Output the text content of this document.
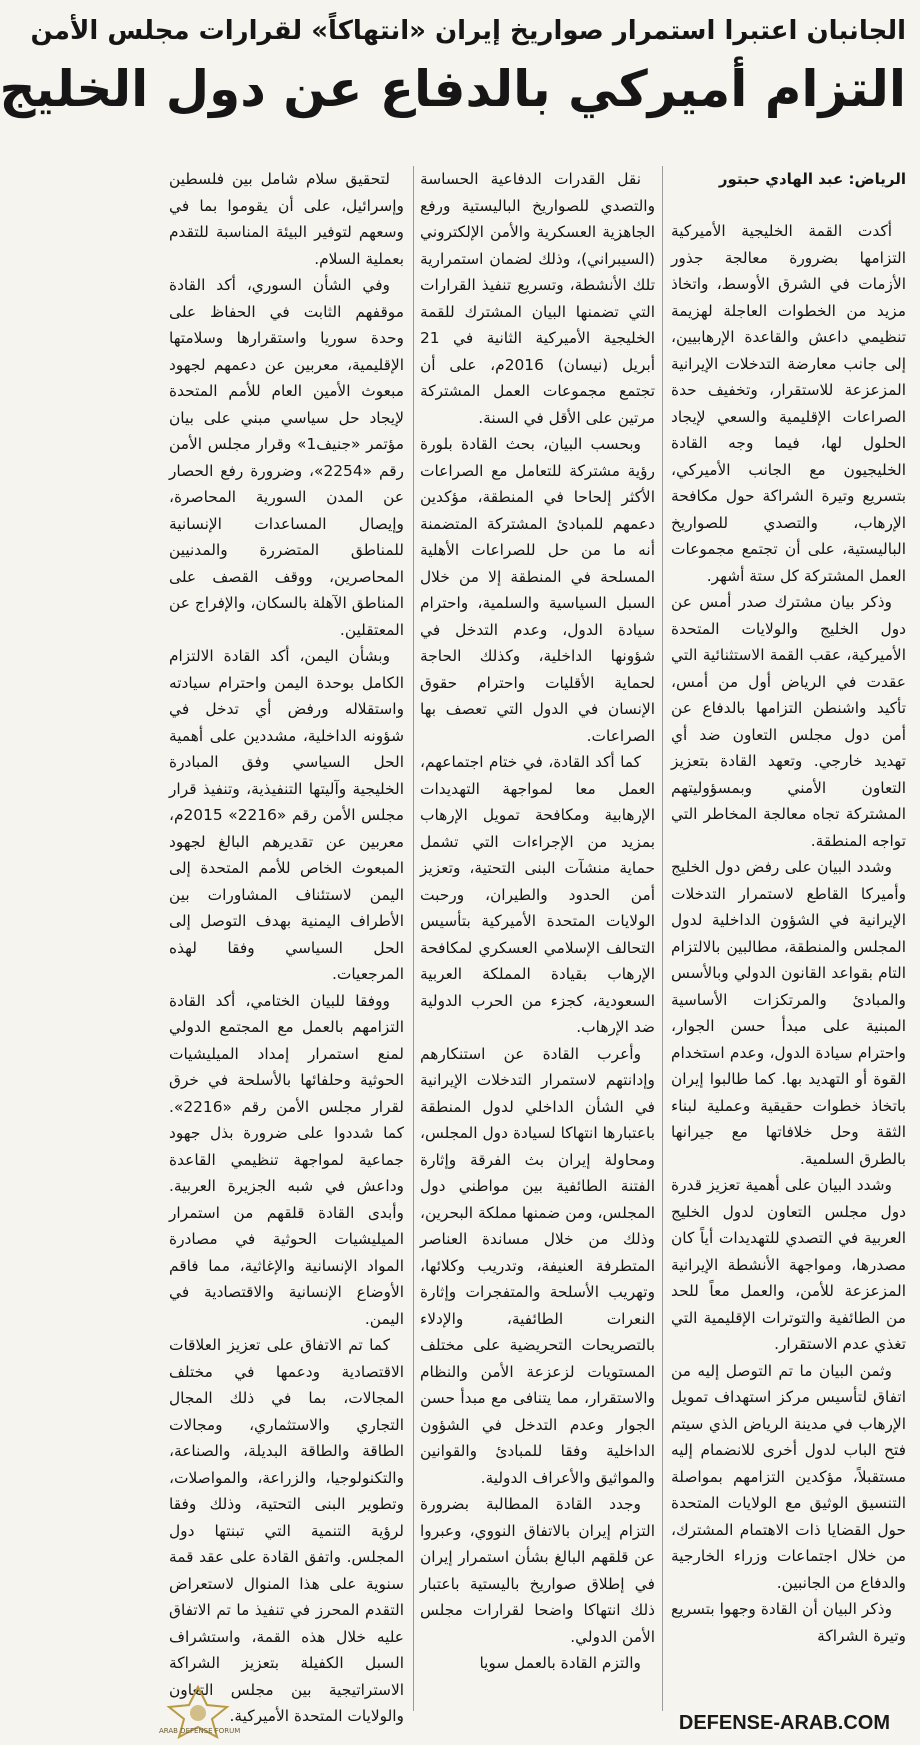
الجانبان اعتبرا استمرار صواريخ إيران «انتهاكاً» لقرارات مجلس الأمن
التزام أميركي بالدفاع عن دول الخليج

الرياض: عبد الهادي حبتور

أكدت القمة الخليجية الأميركية التزامها بضرورة معالجة جذور الأزمات في الشرق الأوسط، واتخاذ مزيد من الخطوات العاجلة لهزيمة تنظيمي داعش والقاعدة الإرهابيين، إلى جانب معارضة التدخلات الإيرانية المزعزعة للاستقرار، وتخفيف حدة الصراعات الإقليمية والسعي لإيجاد الحلول لها، فيما وجه القادة الخليجيون مع الجانب الأميركي، بتسريع وتيرة الشراكة حول مكافحة الإرهاب، والتصدي للصواريخ الباليستية، على أن تجتمع مجموعات العمل المشتركة كل ستة أشهر.

وذكر بيان مشترك صدر أمس عن دول الخليج والولايات المتحدة الأميركية، عقب القمة الاستثنائية التي عقدت في الرياض أول من أمس، تأكيد واشنطن التزامها بالدفاع عن أمن دول مجلس التعاون ضد أي تهديد خارجي. وتعهد القادة بتعزيز التعاون الأمني وبمسؤوليتهم المشتركة تجاه معالجة المخاطر التي تواجه المنطقة.

وشدد البيان على رفض دول الخليج وأميركا القاطع لاستمرار التدخلات الإيرانية في الشؤون الداخلية لدول المجلس والمنطقة، مطالبين بالالتزام التام بقواعد القانون الدولي وبالأسس والمبادئ والمرتكزات الأساسية المبنية على مبدأ حسن الجوار، واحترام سيادة الدول، وعدم استخدام القوة أو التهديد بها. كما طالبوا إيران باتخاذ خطوات حقيقية وعملية لبناء الثقة وحل خلافاتها مع جيرانها بالطرق السلمية.

وشدد البيان على أهمية تعزيز قدرة دول مجلس التعاون لدول الخليج العربية في التصدي للتهديدات أياً كان مصدرها، ومواجهة الأنشطة الإيرانية المزعزعة للأمن، والعمل معاً للحد من الطائفية والتوترات الإقليمية التي تغذي عدم الاستقرار.

وثمن البيان ما تم التوصل إليه من اتفاق لتأسيس مركز استهداف تمويل الإرهاب في مدينة الرياض الذي سيتم فتح الباب لدول أخرى للانضمام إليه مستقبلاً، مؤكدين التزامهم بمواصلة التنسيق الوثيق مع الولايات المتحدة حول القضايا ذات الاهتمام المشترك، من خلال اجتماعات وزراء الخارجية والدفاع من الجانبين.

وذكر البيان أن القادة وجهوا بتسريع وتيرة الشراكة

نقل القدرات الدفاعية الحساسة والتصدي للصواريخ الباليستية ورفع الجاهزية العسكرية والأمن الإلكتروني (السيبراني)، وذلك لضمان استمرارية تلك الأنشطة، وتسريع تنفيذ القرارات التي تضمنها البيان المشترك للقمة الخليجية الأميركية الثانية في 21 أبريل (نيسان) 2016م، على أن تجتمع مجموعات العمل المشتركة مرتين على الأقل في السنة.

وبحسب البيان، بحث القادة بلورة رؤية مشتركة للتعامل مع الصراعات الأكثر إلحاحا في المنطقة، مؤكدين دعمهم للمبادئ المشتركة المتضمنة أنه ما من حل للصراعات الأهلية المسلحة في المنطقة إلا من خلال السبل السياسية والسلمية، واحترام سيادة الدول، وعدم التدخل في شؤونها الداخلية، وكذلك الحاجة لحماية الأقليات واحترام حقوق الإنسان في الدول التي تعصف بها الصراعات.

كما أكد القادة، في ختام اجتماعهم، العمل معا لمواجهة التهديدات الإرهابية ومكافحة تمويل الإرهاب بمزيد من الإجراءات التي تشمل حماية منشآت البنى التحتية، وتعزيز أمن الحدود والطيران، ورحبت الولايات المتحدة الأميركية بتأسيس التحالف الإسلامي العسكري لمكافحة الإرهاب بقيادة المملكة العربية السعودية، كجزء من الحرب الدولية ضد الإرهاب.

وأعرب القادة عن استنكارهم وإدانتهم لاستمرار التدخلات الإيرانية في الشأن الداخلي لدول المنطقة باعتبارها انتهاكا لسيادة دول المجلس، ومحاولة إيران بث الفرقة وإثارة الفتنة الطائفية بين مواطني دول المجلس، ومن ضمنها مملكة البحرين، وذلك من خلال مساندة العناصر المتطرفة العنيفة، وتدريب وكلائها، وتهريب الأسلحة والمتفجرات وإثارة النعرات الطائفية، والإدلاء بالتصريحات التحريضية على مختلف المستويات لزعزعة الأمن والنظام والاستقرار، مما يتنافى مع مبدأ حسن الجوار وعدم التدخل في الشؤون الداخلية وفقا للمبادئ والقوانين والمواثيق والأعراف الدولية.

وجدد القادة المطالبة بضرورة التزام إيران بالاتفاق النووي، وعبروا عن قلقهم البالغ بشأن استمرار إيران في إطلاق صواريخ باليستية باعتبار ذلك انتهاكا واضحا لقرارات مجلس الأمن الدولي.

والتزم القادة بالعمل سويا

لتحقيق سلام شامل بين فلسطين وإسرائيل، على أن يقوموا بما في وسعهم لتوفير البيئة المناسبة للتقدم بعملية السلام.

وفي الشأن السوري، أكد القادة موقفهم الثابت في الحفاظ على وحدة سوريا واستقرارها وسلامتها الإقليمية، معربين عن دعمهم لجهود مبعوث الأمين العام للأمم المتحدة لإيجاد حل سياسي مبني على بيان مؤتمر «جنيف1» وقرار مجلس الأمن رقم «2254»، وضرورة رفع الحصار عن المدن السورية المحاصرة، وإيصال المساعدات الإنسانية للمناطق المتضررة والمدنيين المحاصرين، ووقف القصف على المناطق الآهلة بالسكان، والإفراج عن المعتقلين.

وبشأن اليمن، أكد القادة الالتزام الكامل بوحدة اليمن واحترام سيادته واستقلاله ورفض أي تدخل في شؤونه الداخلية، مشددين على أهمية الحل السياسي وفق المبادرة الخليجية وآليتها التنفيذية، وتنفيذ قرار مجلس الأمن رقم «2216» 2015م، معربين عن تقديرهم البالغ لجهود المبعوث الخاص للأمم المتحدة إلى اليمن لاستئناف المشاورات بين الأطراف اليمنية بهدف التوصل إلى الحل السياسي وفقا لهذه المرجعيات.

ووفقا للبيان الختامي، أكد القادة التزامهم بالعمل مع المجتمع الدولي لمنع استمرار إمداد الميليشيات الحوثية وحلفائها بالأسلحة في خرق لقرار مجلس الأمن رقم «2216». كما شددوا على ضرورة بذل جهود جماعية لمواجهة تنظيمي القاعدة وداعش في شبه الجزيرة العربية. وأبدى القادة قلقهم من استمرار الميليشيات الحوثية في مصادرة المواد الإنسانية والإغاثية، مما فاقم الأوضاع الإنسانية والاقتصادية في اليمن.

كما تم الاتفاق على تعزيز العلاقات الاقتصادية ودعمها في مختلف المجالات، بما في ذلك المجال التجاري والاستثماري، ومجالات الطاقة والطاقة البديلة، والصناعة، والتكنولوجيا، والزراعة، والمواصلات، وتطوير البنى التحتية، وذلك وفقا لرؤية التنمية التي تبنتها دول المجلس. واتفق القادة على عقد قمة سنوية على هذا المنوال لاستعراض التقدم المحرز في تنفيذ ما تم الاتفاق عليه خلال هذه القمة، واستشراف السبل الكفيلة بتعزيز الشراكة الاستراتيجية بين مجلس التعاون والولايات المتحدة الأميركية.

ARAB DEFENSE FORUM	DEFENSE-ARAB.COM
